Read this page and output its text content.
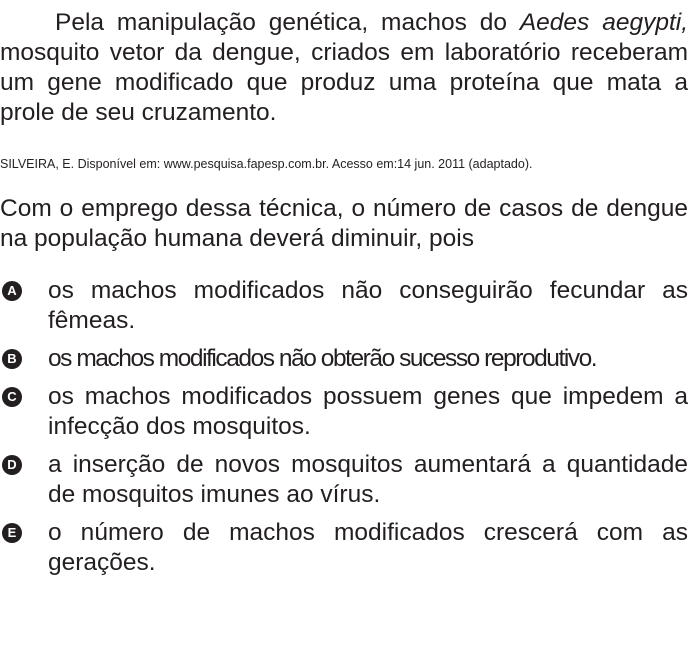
Pela manipulação genética, machos do Aedes aegypti, mosquito vetor da dengue, criados em laboratório receberam um gene modificado que produz uma proteína que mata a prole de seu cruzamento.

SILVEIRA, E. Disponível em: www.pesquisa.fapesp.com.br. Acesso em:14 jun. 2011 (adaptado).

Com o emprego dessa técnica, o número de casos de dengue na população humana deverá diminuir, pois

A os machos modificados não conseguirão fecundar as fêmeas.
B os machos modificados não obterão sucesso reprodutivo.
C os machos modificados possuem genes que impedem a infecção dos mosquitos.
D a inserção de novos mosquitos aumentará a quantidade de mosquitos imunes ao vírus.
E o número de machos modificados crescerá com as gerações.
